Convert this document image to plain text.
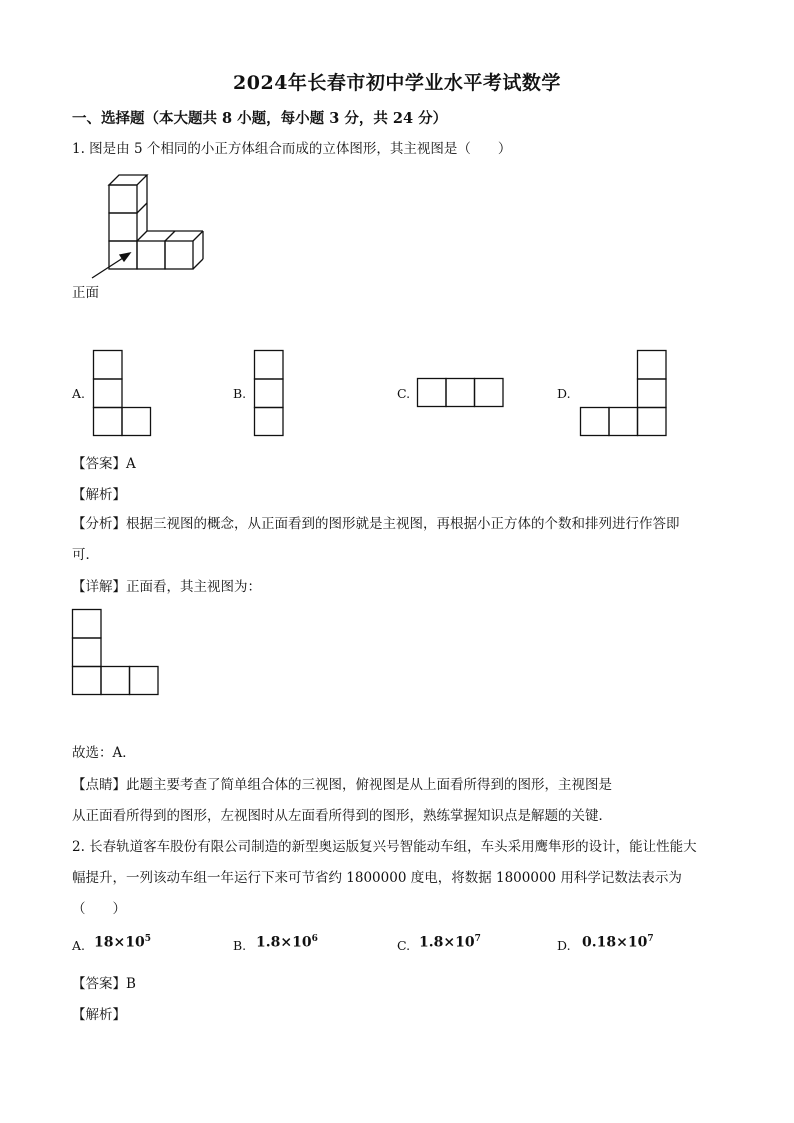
2024年长春市初中学业水平考试数学
一、选择题（本大题共 8 小题，每小题 3 分，共 24 分）
1. 图是由 5 个相同的小正方体组合而成的立体图形，其主视图是（　　）
正面
A.	B.	C.	D.
【答案】A
【解析】
【分析】根据三视图的概念，从正面看到的图形就是主视图，再根据小正方体的个数和排列进行作答即
可．
【详解】正面看，其主视图为：
故选：A．
【点睛】此题主要考查了简单组合体的三视图，俯视图是从上面看所得到的图形，主视图是
从正面看所得到的图形，左视图时从左面看所得到的图形，熟练掌握知识点是解题的关键．
2. 长春轨道客车股份有限公司制造的新型奥运版复兴号智能动车组，车头采用鹰隼形的设计，能让性能大
幅提升，一列该动车组一年运行下来可节省约 1800000 度电，将数据 1800000 用科学记数法表示为
（　　）
A. $18\times 10^5$	B. $1.8\times 10^6$	C. $1.8\times 10^7$	D. $0.18\times 10^7$
【答案】B
【解析】
